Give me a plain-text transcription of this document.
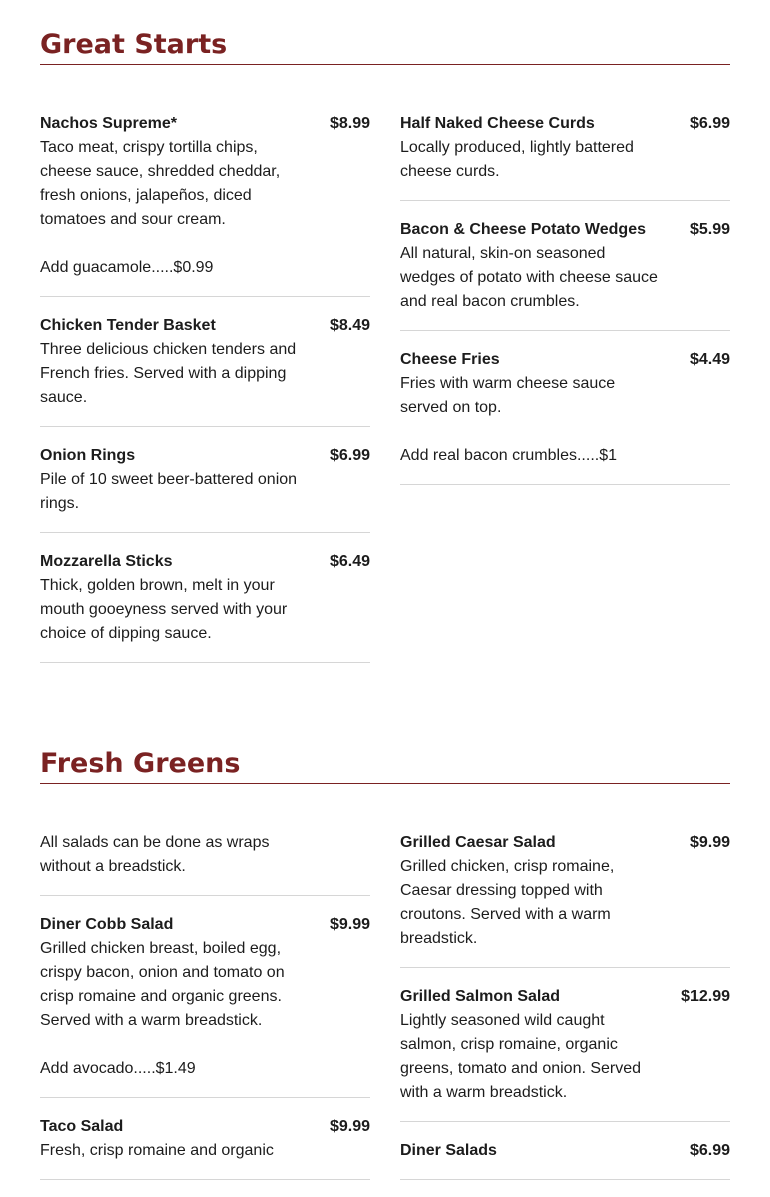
Great Starts
Nachos Supreme*	$8.99
Taco meat, crispy tortilla chips, cheese sauce, shredded cheddar, fresh onions, jalapeños, diced tomatoes and sour cream.
Add guacamole.....$0.99
Chicken Tender Basket	$8.49
Three delicious chicken tenders and French fries. Served with a dipping sauce.
Onion Rings	$6.99
Pile of 10 sweet beer-battered onion rings.
Mozzarella Sticks	$6.49
Thick, golden brown, melt in your mouth gooeyness served with your choice of dipping sauce.
Half Naked Cheese Curds	$6.99
Locally produced, lightly battered cheese curds.
Bacon & Cheese Potato Wedges	$5.99
All natural, skin-on seasoned wedges of potato with cheese sauce and real bacon crumbles.
Cheese Fries	$4.49
Fries with warm cheese sauce served on top.
Add real bacon crumbles.....$1
Fresh Greens
All salads can be done as wraps without a breadstick.
Diner Cobb Salad	$9.99
Grilled chicken breast, boiled egg, crispy bacon, onion and tomato on crisp romaine and organic greens. Served with a warm breadstick.
Add avocado.....$1.49
Taco Salad	$9.99
Fresh, crisp romaine and organic
Grilled Caesar Salad	$9.99
Grilled chicken, crisp romaine, Caesar dressing topped with croutons. Served with a warm breadstick.
Grilled Salmon Salad	$12.99
Lightly seasoned wild caught salmon, crisp romaine, organic greens, tomato and onion. Served with a warm breadstick.
Diner Salads	$6.99
